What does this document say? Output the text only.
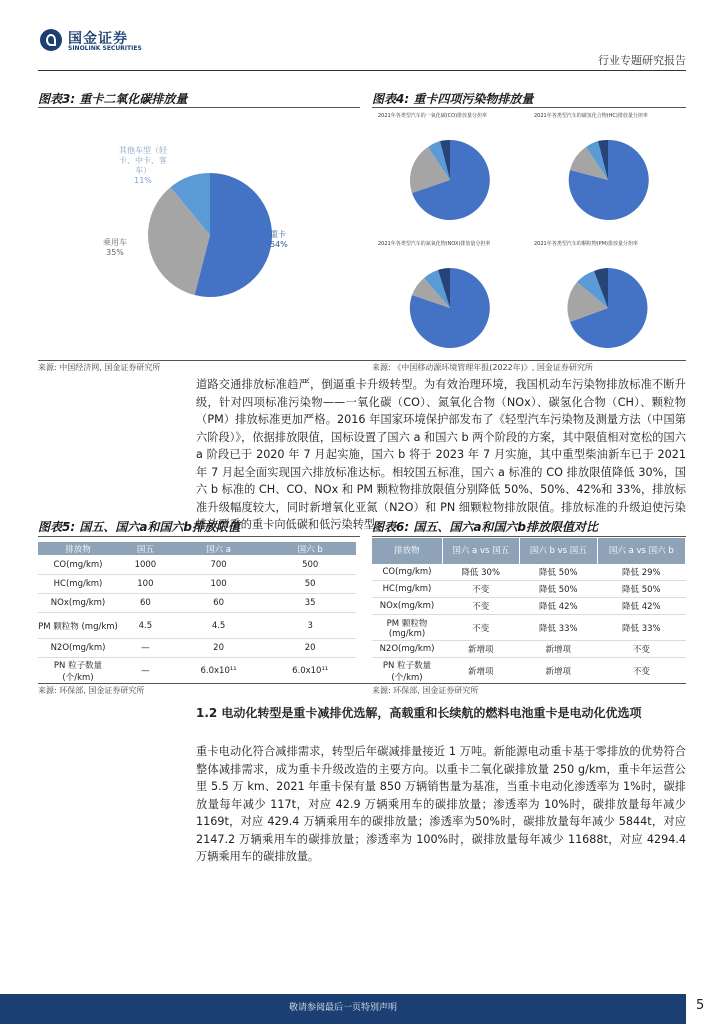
国金证券
SINOLINK SECURITIES
行业专题研究报告
图表3: 重卡二氧化碳排放量
重卡
54%
乘用车
35%
其他车型（轻
卡、中卡、客
车）
11%
图表4: 重卡四项污染物排放量
2021年各类型汽车的一氧化碳(CO)排放量分担率	2021年各类型汽车的碳氢化合物(HC)排放量分担率
2021年各类型汽车的氮氧化物(NOX)排放量分担率	2021年各类型汽车的颗粒物(PM)排放量分担率
来源: 中国经济网, 国金证券研究所	来源: 《中国移动源环境管理年报(2022年)》, 国金证券研究所
道路交通排放标准趋严，倒逼重卡升级转型。为有效治理环境，我国机动车污染物排放标准不断升级，针对四项标准污染物——一氧化碳（CO）、氮氧化合物（NOx）、碳氢化合物（CH）、颗粒物（PM）排放标准更加严格。2016 年国家环境保护部发布了《轻型汽车污染物及测量方法（中国第六阶段）》，依据排放限值，国标设置了国六 a 和国六 b 两个阶段的方案，其中限值相对宽松的国六 a 阶段已于 2020 年 7 月起实施，国六 b 将于 2023 年 7 月实施，其中重型柴油新车已于 2021 年 7 月起全面实现国六排放标准达标。相较国五标准，国六 a 标准的 CO 排放限值降低 30%，国六 b 标准的 CH、CO、NOx 和 PM 颗粒物排放限值分别降低 50%、50%、42%和 33%，排放标准升级幅度较大，同时新增氧化亚氮（N2O）和 PN 细颗粒物排放限值。排放标准的升级迫使污染排放严重的重卡向低碳和低污染转型。
图表5: 国五、国六a和国六b排放限值
排放物	国五	国六 a	国六 b
CO(mg/km)	1000	700	500
HC(mg/km)	100	100	50
NOx(mg/km)	60	60	35
PM 颗粒物 (mg/km)	4.5	4.5	3
N2O(mg/km)	—	20	20
PN 粒子数量 (个/km)	—	6.0x10¹¹	6.0x10¹¹
图表6: 国五、国六a和国六b排放限值对比
排放物	国六 a vs 国五	国六 b vs 国五	国六 a vs 国六 b
CO(mg/km)	降低 30%	降低 50%	降低 29%
HC(mg/km)	不变	降低 50%	降低 50%
NOx(mg/km)	不变	降低 42%	降低 42%
PM 颗粒物 (mg/km)	不变	降低 33%	降低 33%
N2O(mg/km)	新增项	新增项	不变
PN 粒子数量 (个/km)	新增项	新增项	不变
来源: 环保部, 国金证券研究所	来源: 环保部, 国金证券研究所
1.2 电动化转型是重卡减排优选解，高载重和长续航的燃料电池重卡是电动化优选项
重卡电动化符合减排需求，转型后年碳减排量接近 1 万吨。新能源电动重卡基于零排放的优势符合整体减排需求，成为重卡升级改造的主要方向。以重卡二氧化碳排放量 250 g/km，重卡年运营公里 5.5 万 km、2021 年重卡保有量 850 万辆销售量为基准，当重卡电动化渗透率为 1%时，碳排放量每年减少 117t，对应 42.9 万辆乘用车的碳排放量；渗透率为 10%时，碳排放量每年减少 1169t，对应 429.4 万辆乘用车的碳排放量；渗透率为50%时，碳排放量每年减少 5844t，对应 2147.2 万辆乘用车的碳排放量；渗透率为 100%时，碳排放量每年减少 11688t，对应 4294.4 万辆乘用车的碳排放量。
敬请参阅最后一页特别声明	5
